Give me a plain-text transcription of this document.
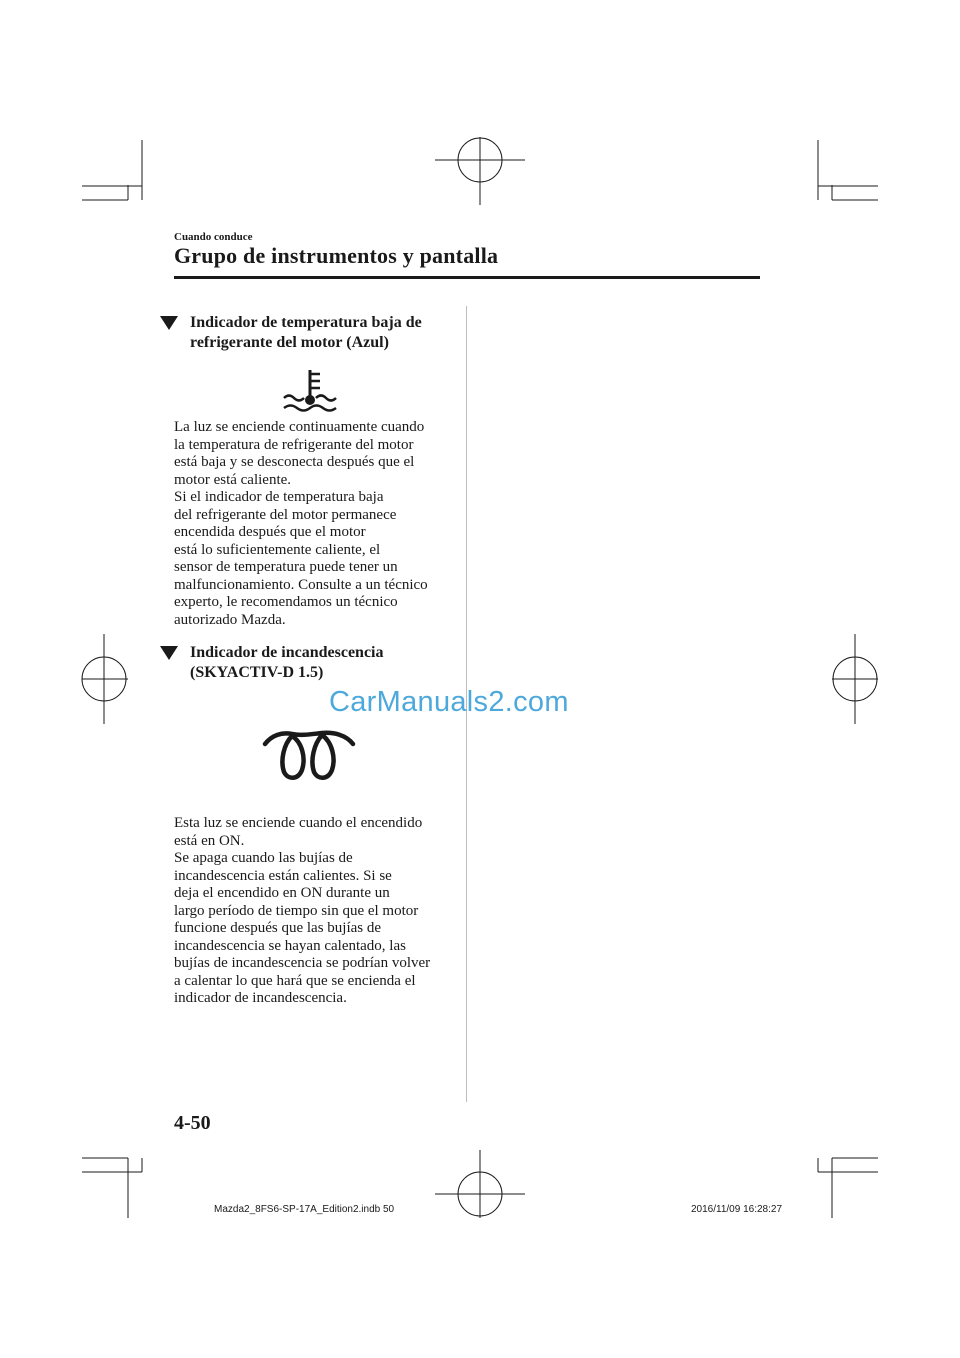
Cuando conduce
Grupo de instrumentos y pantalla
Indicador de temperatura baja de
refrigerante del motor (Azul)
La luz se enciende continuamente cuando
la temperatura de refrigerante del motor
está baja y se desconecta después que el
motor está caliente.
Si el indicador de temperatura baja
del refrigerante del motor permanece
encendida después que el motor
está lo suficientemente caliente, el
sensor de temperatura puede tener un
malfuncionamiento. Consulte a un técnico
experto, le recomendamos un técnico
autorizado Mazda.
Indicador de incandescencia
(SKYACTIV-D 1.5)
CarManuals2.com
Esta luz se enciende cuando el encendido
está en ON.
Se apaga cuando las bujías de
incandescencia están calientes. Si se
deja el encendido en ON durante un
largo período de tiempo sin que el motor
funcione después que las bujías de
incandescencia se hayan calentado, las
bujías de incandescencia se podrían volver
a calentar lo que hará que se encienda el
indicador de incandescencia.
4-50
Mazda2_8FS6-SP-17A_Edition2.indb 50	2016/11/09 16:28:27
